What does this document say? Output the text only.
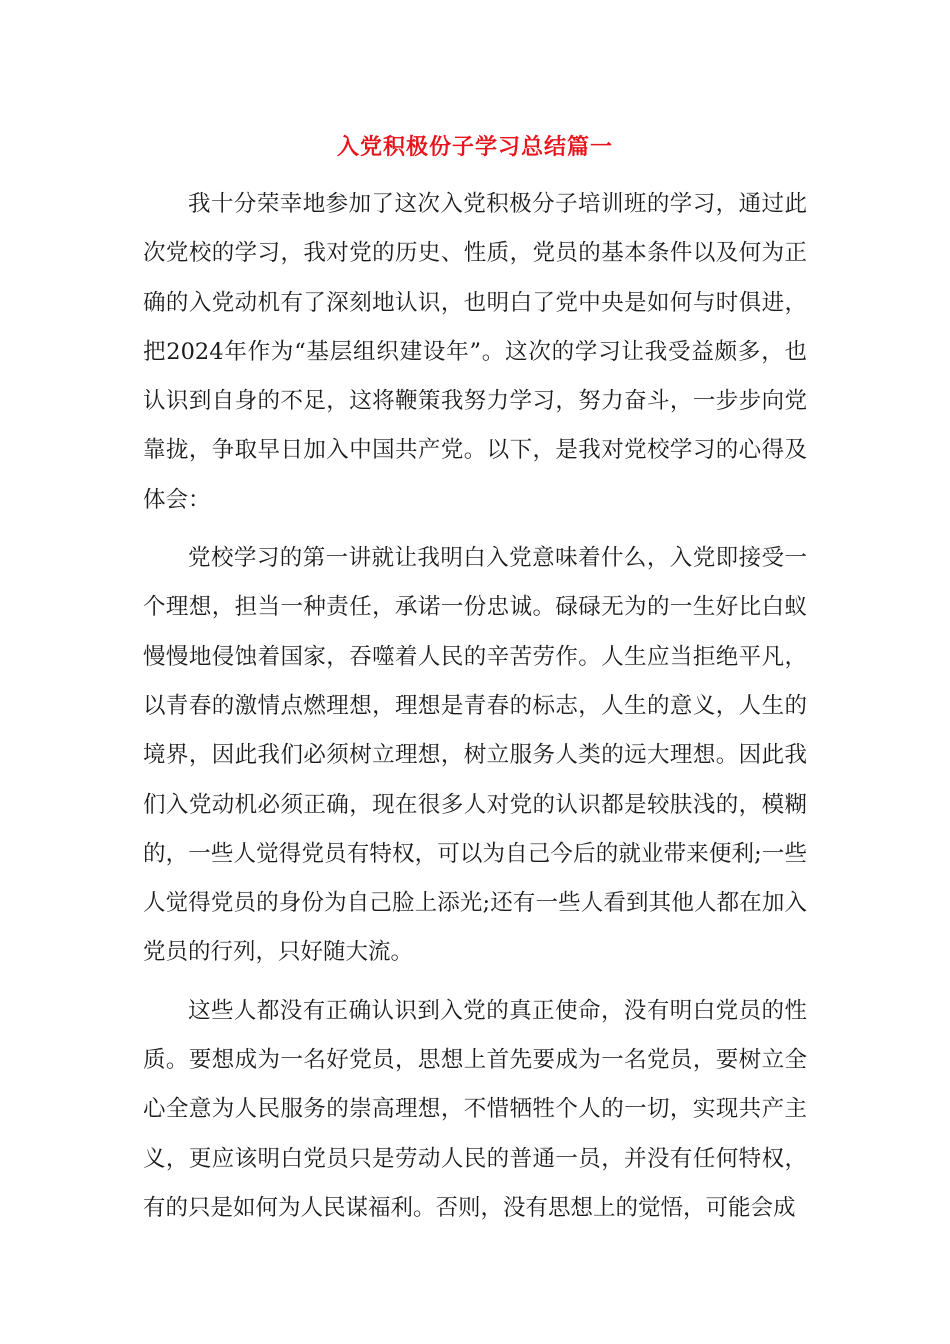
入党积极份子学习总结篇一

我十分荣幸地参加了这次入党积极分子培训班的学习，通过此次党校的学习，我对党的历史、性质，党员的基本条件以及何为正确的入党动机有了深刻地认识，也明白了党中央是如何与时俱进，把2024年作为“基层组织建设年”。这次的学习让我受益颇多，也认识到自身的不足，这将鞭策我努力学习，努力奋斗，一步步向党靠拢，争取早日加入中国共产党。以下，是我对党校学习的心得及体会：

党校学习的第一讲就让我明白入党意味着什么，入党即接受一个理想，担当一种责任，承诺一份忠诚。碌碌无为的一生好比白蚁慢慢地侵蚀着国家，吞噬着人民的辛苦劳作。人生应当拒绝平凡，以青春的激情点燃理想，理想是青春的标志，人生的意义，人生的境界，因此我们必须树立理想，树立服务人类的远大理想。因此我们入党动机必须正确，现在很多人对党的认识都是较肤浅的，模糊的，一些人觉得党员有特权，可以为自己今后的就业带来便利;一些人觉得党员的身份为自己脸上添光;还有一些人看到其他人都在加入党员的行列，只好随大流。

这些人都没有正确认识到入党的真正使命，没有明白党员的性质。要想成为一名好党员，思想上首先要成为一名党员，要树立全心全意为人民服务的崇高理想，不惜牺牲个人的一切，实现共产主义，更应该明白党员只是劳动人民的普通一员，并没有任何特权，有的只是如何为人民谋福利。否则，没有思想上的觉悟，可能会成
